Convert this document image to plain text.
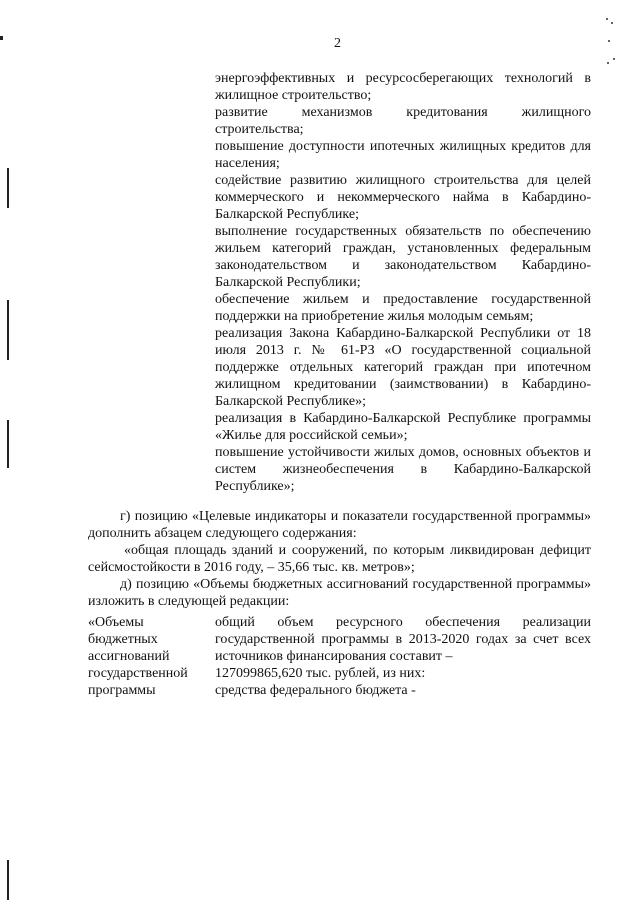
2
энергоэффективных и ресурсосберегающих технологий в жилищное строительство;
развитие механизмов кредитования жилищного строительства;
повышение доступности ипотечных жилищных кредитов для населения;
содействие развитию жилищного строительства для целей коммерческого и некоммерческого найма в Кабардино-Балкарской Республике;
выполнение государственных обязательств по обеспечению жильем категорий граждан, установленных федеральным законодательством и законодательством Кабардино-Балкарской Республики;
обеспечение жильем и предоставление государственной поддержки на приобретение жилья молодым семьям;
реализация Закона Кабардино-Балкарской Республики от 18 июля 2013 г. № 61-РЗ «О государственной социальной поддержке отдельных категорий граждан при ипотечном жилищном кредитовании (заимствовании) в Кабардино-Балкарской Республике»;
реализация в Кабардино-Балкарской Республике программы «Жилье для российской семьи»;
повышение устойчивости жилых домов, основных объектов и систем жизнеобеспечения в Кабардино-Балкарской Республике»;

г) позицию «Целевые индикаторы и показатели государственной программы» дополнить абзацем следующего содержания:

«общая площадь зданий и сооружений, по которым ликвидирован дефицит сейсмостойкости в 2016 году, – 35,66 тыс. кв. метров»;

д) позицию «Объемы бюджетных ассигнований государственной программы» изложить в следующей редакции:

«Объемы
бюджетных
ассигнований
государственной
программы
общий объем ресурсного обеспечения реализации государственной программы в 2013-2020 годах за счет всех источников финансирования составит –
127099865,620 тыс. рублей, из них:
средства федерального бюджета -
